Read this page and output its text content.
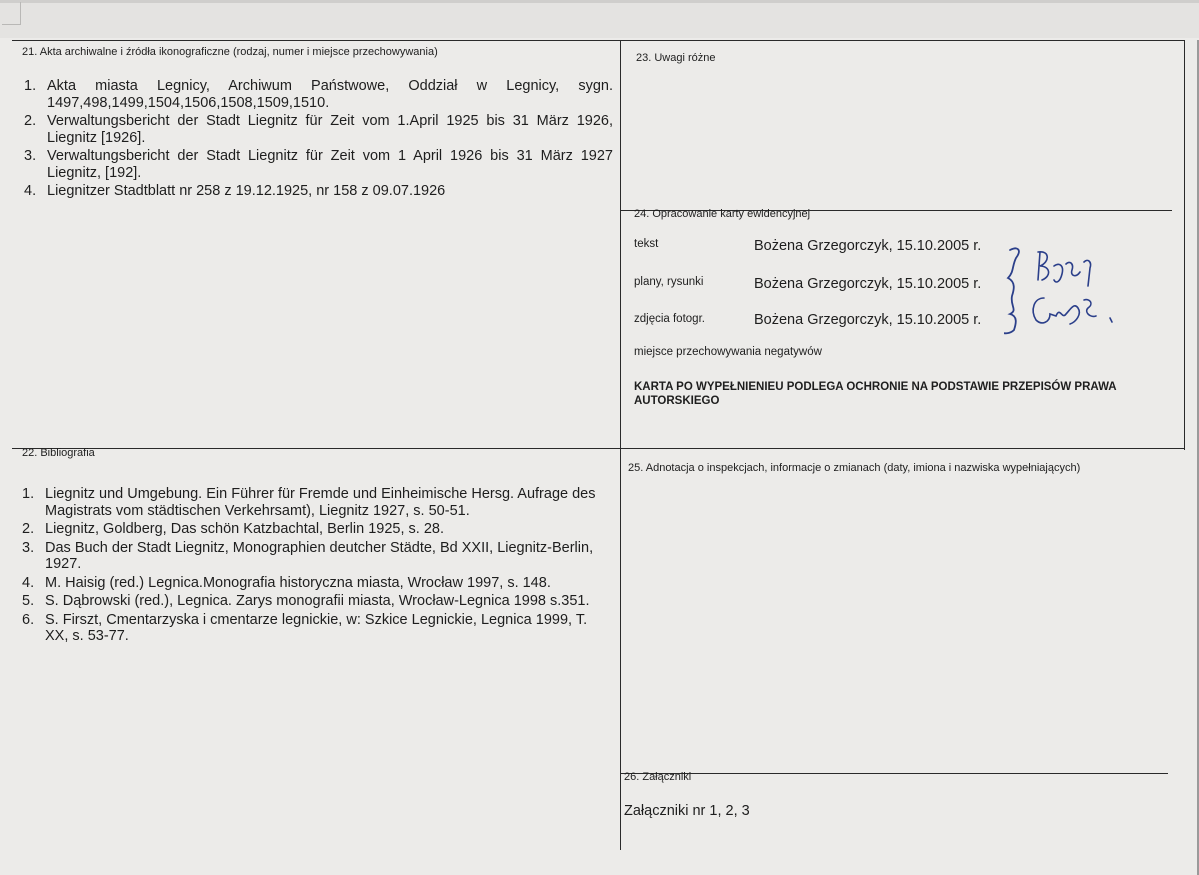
21. Akta archiwalne i źródła ikonograficzne (rodzaj, numer i miejsce przechowywania)
1. Akta miasta Legnicy, Archiwum Państwowe, Oddział w Legnicy, sygn. 1497,498,1499,1504,1506,1508,1509,1510.
2. Verwaltungsbericht der Stadt Liegnitz für Zeit vom 1.April 1925 bis 31 März 1926, Liegnitz [1926].
3. Verwaltungsbericht der Stadt Liegnitz für Zeit vom 1 April 1926 bis 31 März 1927 Liegnitz, [192].
4. Liegnitzer Stadtblatt nr 258 z 19.12.1925, nr 158 z 09.07.1926
23. Uwagi różne
24. Opracowanie karty ewidencyjnej
tekst	Bożena Grzegorczyk, 15.10.2005 r.
plany, rysunki	Bożena Grzegorczyk, 15.10.2005 r.
zdjęcia fotogr.	Bożena Grzegorczyk, 15.10.2005 r.
miejsce przechowywania negatywów
KARTA PO WYPEŁNIENIEU PODLEGA OCHRONIE NA PODSTAWIE PRZEPISÓW PRAWA AUTORSKIEGO
22. Bibliografia
1. Liegnitz und Umgebung. Ein Führer für Fremde und Einheimische Hersg. Aufrage des Magistrats vom städtischen Verkehrsamt), Liegnitz 1927, s. 50-51.
2. Liegnitz, Goldberg, Das schön Katzbachtal, Berlin 1925, s. 28.
3. Das Buch der Stadt Liegnitz, Monographien deutcher Städte, Bd XXII, Liegnitz-Berlin, 1927.
4. M. Haisig (red.) Legnica.Monografia historyczna miasta, Wrocław 1997, s. 148.
5. S. Dąbrowski (red.), Legnica. Zarys monografii miasta, Wrocław-Legnica 1998 s.351.
6. S. Firszt, Cmentarzyska i cmentarze legnickie, w: Szkice Legnickie, Legnica 1999, T. XX, s. 53-77.
25. Adnotacja o inspekcjach, informacje o zmianach (daty, imiona i nazwiska wypełniających)
26. Załączniki
Załączniki nr 1, 2, 3
